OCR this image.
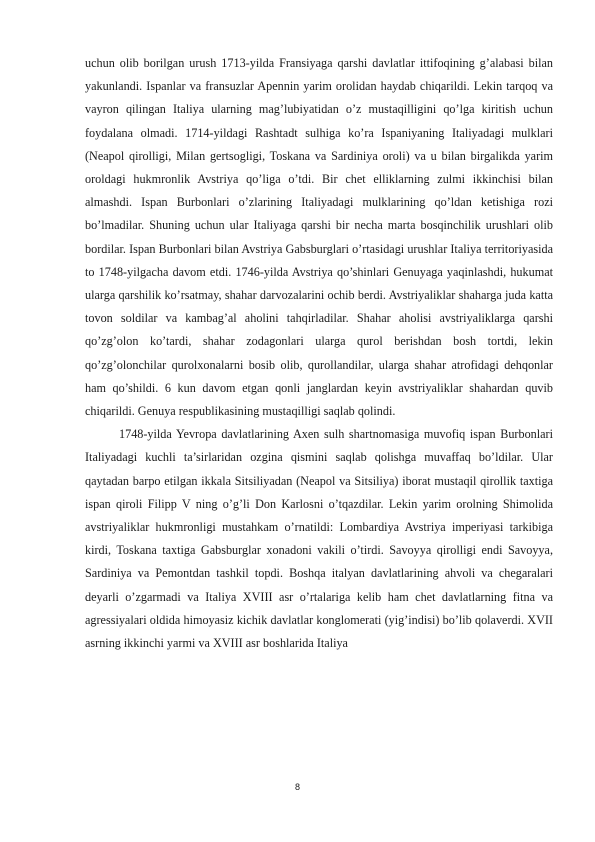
uchun olib borilgan urush 1713-yilda Fransiyaga qarshi davlatlar ittifoqining g’alabasi bilan yakunlandi. Ispanlar va fransuzlar Apennin yarim orolidan haydab chiqarildi. Lekin tarqoq va vayron qilingan Italiya ularning mag’lubiyatidan o’z mustaqilligini qo’lga kiritish uchun foydalana olmadi. 1714-yildagi Rashtadt sulhiga ko’ra Ispaniyaning Italiyadagi mulklari (Neapol qirolligi, Milan gertsogligi, Toskana va Sardiniya oroli) va u bilan birgalikda yarim oroldagi hukmronlik Avstriya qo’liga o’tdi. Bir chet elliklarning zulmi ikkinchisi bilan almashdi. Ispan Burbonlari o’zlarining Italiyadagi mulklarining qo’ldan ketishiga rozi bo’lmadilar. Shuning uchun ular Italiyaga qarshi bir necha marta bosqinchilik urushlari olib bordilar. Ispan Burbonlari bilan Avstriya Gabsburglari o’rtasidagi urushlar Italiya territoriyasida to 1748-yilgacha davom etdi. 1746-yilda Avstriya qo’shinlari Genuyaga yaqinlashdi, hukumat ularga qarshilik ko’rsatmay, shahar darvozalarini ochib berdi. Avstriyaliklar shaharga juda katta tovon soldilar va kambag’al aholini tahqirladilar. Shahar aholisi avstriyaliklarga qarshi qo’zg’olon ko’tardi, shahar zodagonlari ularga qurol berishdan bosh tortdi, lekin qo’zg’olonchilar qurolxonalarni bosib olib, qurollandilar, ularga shahar atrofidagi dehqonlar ham qo’shildi. 6 kun davom etgan qonli janglardan keyin avstriyaliklar shahardan quvib chiqarildi. Genuya respublikasining mustaqilligi saqlab qolindi.

1748-yilda Yevropa davlatlarining Axen sulh shartnomasiga muvofiq ispan Burbonlari Italiyadagi kuchli ta’sirlaridan ozgina qismini saqlab qolishga muvaffaq bo’ldilar. Ular qaytadan barpo etilgan ikkala Sitsiliyadan (Neapol va Sitsiliya) iborat mustaqil qirollik taxtiga ispan qiroli Filipp V ning o’g’li Don Karlosni o’tqazdilar. Lekin yarim orolning Shimolida avstriyaliklar hukmronligi mustahkam o’rnatildi: Lombardiya Avstriya imperiyasi tarkibiga kirdi, Toskana taxtiga Gabsburglar xonadoni vakili o’tirdi. Savoyya qirolligi endi Savoyya, Sardiniya va Pemontdan tashkil topdi. Boshqa italyan davlatlarining ahvoli va chegaralari deyarli o’zgarmadi va Italiya XVIII asr o’rtalariga kelib ham chet davlatlarning fitna va agressiyalari oldida himoyasiz kichik davlatlar konglomerati (yig’indisi) bo’lib qolaverdi. XVII asrning ikkinchi yarmi va XVIII asr boshlarida Italiya

8
